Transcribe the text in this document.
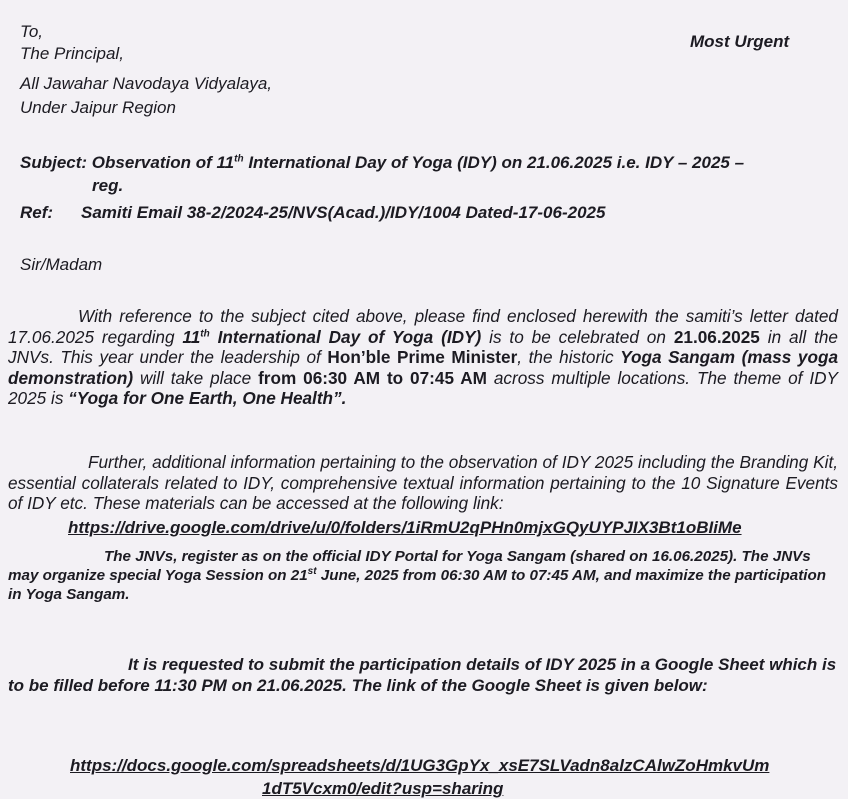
To,
The Principal,
All Jawahar Navodaya Vidyalaya,
Under Jaipur Region
Most Urgent
Subject: Observation of 11th International Day of Yoga (IDY) on 21.06.2025 i.e. IDY – 2025 –
reg.
Ref: Samiti Email 38-2/2024-25/NVS(Acad.)/IDY/1004 Dated-17-06-2025
Sir/Madam
With reference to the subject cited above, please find enclosed herewith the samiti’s letter dated 17.06.2025 regarding 11th International Day of Yoga (IDY) is to be celebrated on 21.06.2025 in all the JNVs. This year under the leadership of Hon’ble Prime Minister, the historic Yoga Sangam (mass yoga demonstration) will take place from 06:30 AM to 07:45 AM across multiple locations. The theme of IDY 2025 is “Yoga for One Earth, One Health”.
Further, additional information pertaining to the observation of IDY 2025 including the Branding Kit, essential collaterals related to IDY, comprehensive textual information pertaining to the 10 Signature Events of IDY etc. These materials can be accessed at the following link:
https://drive.google.com/drive/u/0/folders/1iRmU2qPHn0mjxGQyUYPJIX3Bt1oBIiMe
The JNVs, register as on the official IDY Portal for Yoga Sangam (shared on 16.06.2025). The JNVs may organize special Yoga Session on 21st June, 2025 from 06:30 AM to 07:45 AM, and maximize the participation in Yoga Sangam.
It is requested to submit the participation details of IDY 2025 in a Google Sheet which is to be filled before 11:30 PM on 21.06.2025. The link of the Google Sheet is given below:
https://docs.google.com/spreadsheets/d/1UG3GpYx_xsE7SLVadn8alzCAlwZoHmkvUm
1dT5Vcxm0/edit?usp=sharing
